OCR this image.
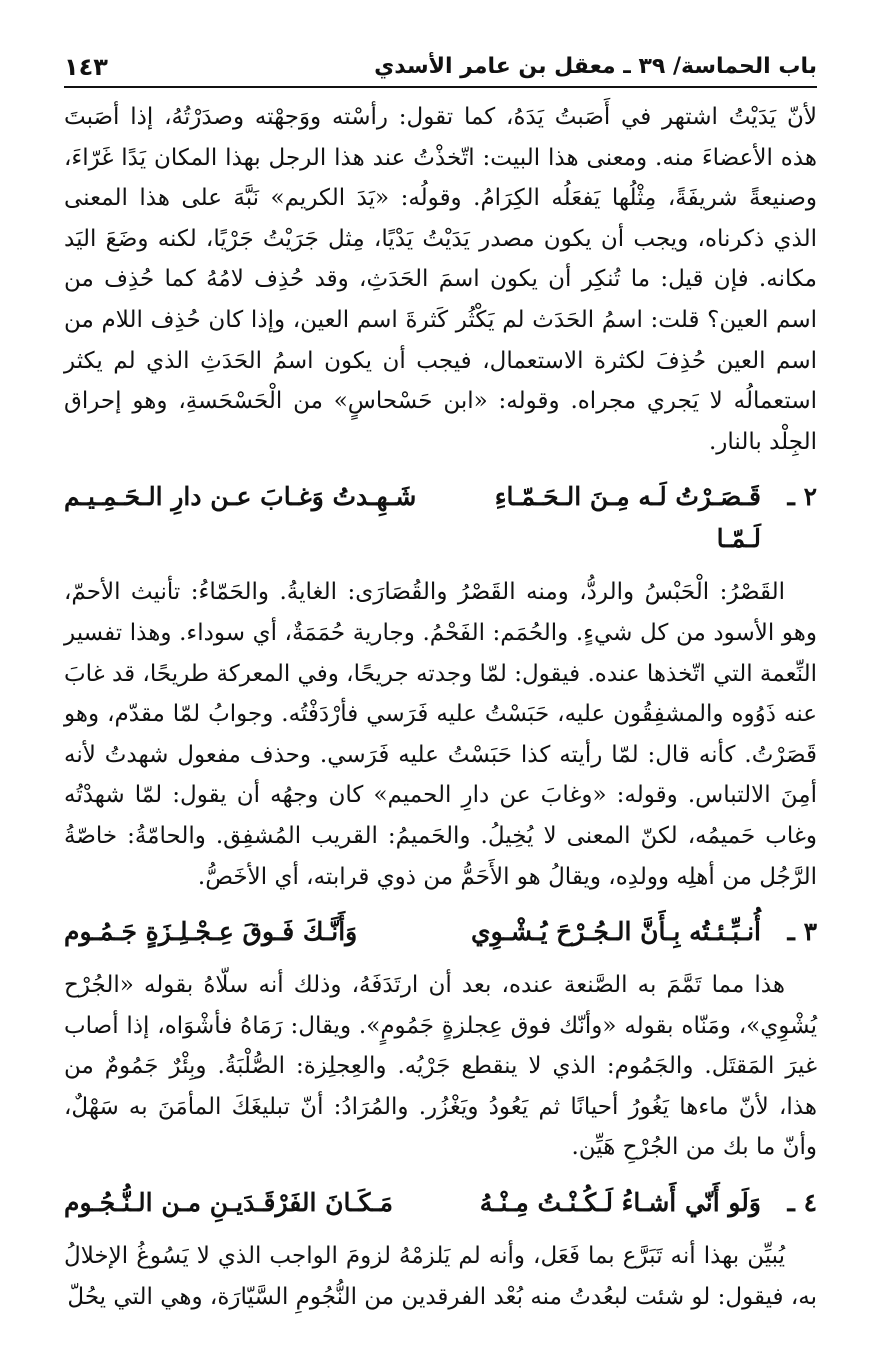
باب الحماسة/ ٣٩ ـ معقل بن عامر الأسدي
١٤٣

لأنّ يَدَيْتُ اشتهر في أَصَبتُ يَدَهُ، كما تقول: رأسْته ووَجهْته وصدَرْتُهُ، إذا أصَبتَ هذه الأعضاءَ منه. ومعنى هذا البيت: اتّخذْتُ عند هذا الرجل بهذا المكان يَدًا غَرّاءَ، وصنيعةً شريفَةً، مِثْلُها يَفعَلُه الكِرَامُ. وقولُه: «يَدَ الكريم» نَبَّهَ على هذا المعنى الذي ذكرناه، ويجب أن يكون مصدر يَدَيْتُ يَدْيًا، مِثل جَرَيْتُ جَرْيًا، لكنه وضَعَ اليَد مكانه. فإن قيل: ما تُنكِر أن يكون اسمَ الحَدَثِ، وقد حُذِف لامُهُ كما حُذِف من اسم العين؟ قلت: اسمُ الحَدَث لم يَكْثُر كَثرةَ اسم العين، وإذا كان حُذِف اللام من اسم العين حُذِفَ لكثرة الاستعمال، فيجب أن يكون اسمُ الحَدَثِ الذي لم يكثر استعمالُه لا يَجري مجراه. وقوله: «ابن حَسْحاسٍ» من الْحَسْحَسةِ، وهو إحراق الجِلْد بالنار.

٢ ـ
قَـصَـرْتُ لَـه مِـنَ الـحَـمّـاءِ لَـمّـا
شَـهِـدتُ وَغـابَ عـن دارِ الـحَـمِـيـم

القَصْرُ: الْحَبْسُ والردُّ، ومنه القَصْرُ والقُصَارَى: الغايةُ. والحَمّاءُ: تأنيث الأحمّ، وهو الأسود من كل شيءٍ. والحُمَم: الفَحْمُ. وجارية حُمَمَةٌ، أي سوداء. وهذا تفسير النِّعمة التي اتّخذها عنده. فيقول: لمّا وجدته جريحًا، وفي المعركة طريحًا، قد غابَ عنه ذَوُوه والمشفِقُون عليه، حَبَسْتُ عليه فَرَسي فأرْدَفْتُه. وجوابُ لمّا مقدّم، وهو قَصَرْتُ. كأنه قال: لمّا رأيته كذا حَبَسْتُ عليه فَرَسي. وحذف مفعول شهدتُ لأنه أمِنَ الالتباس. وقوله: «وغابَ عن دارِ الحميم» كان وجهُه أن يقول: لمّا شهدْتُه وغاب حَميمُه، لكنّ المعنى لا يُخِيلُ. والحَميمُ: القريب المُشفِق. والحامّةُ: خاصّةُ الرَّجُل من أهلِه وولدِه، ويقالُ هو الأَحَمُّ من ذوي قرابته، أي الأخَصُّ.

٣ ـ
أُنـبِّـئـتُه بِـأَنَّ الـجُـرْحَ يُـشْـوِي
وَأَنَّـكَ فَـوقَ عِـجْـلِـزَةٍ جَـمُـوم

هذا مما تَمَّمَ به الصَّنعة عنده، بعد أن ارتَدَفَهُ، وذلك أنه سلّاهُ بقوله «الجُرْح يُشْوِي»، ومَنّاه بقوله «وأنّك فوق عِجلزةٍ جَمُومٍ». ويقال: رَمَاهُ فأشْوَاه، إذا أصاب غيرَ المَقتَل. والجَمُوم: الذي لا ينقطع جَرْيُه. والعِجلِزة: الصُّلْبَةُ. وبِئْرٌ جَمُومٌ من هذا، لأنّ ماءها يَغُورُ أحيانًا ثم يَعُودُ ويَغْزُر. والمُرَادُ: أنّ تبليغَكَ المأمَنَ به سَهْلٌ، وأنّ ما بك من الجُرْحِ هَيِّن.

٤ ـ
وَلَو أَنّي أَشـاءُ لَـكُـنْـتُ مِـنْـهُ
مَـكَـانَ الفَرْقَـدَيـنِ مـن الـنُّـجُـوم

يُبيِّن بهذا أنه تَبَرَّع بما فَعَل، وأنه لم يَلزمْهُ لزومَ الواجب الذي لا يَسُوغُ الإخلالُ به، فيقول: لو شئت لبعُدتُ منه بُعْد الفرقدين من النُّجُومِ السَّيّارَة، وهي التي يحُلّ
